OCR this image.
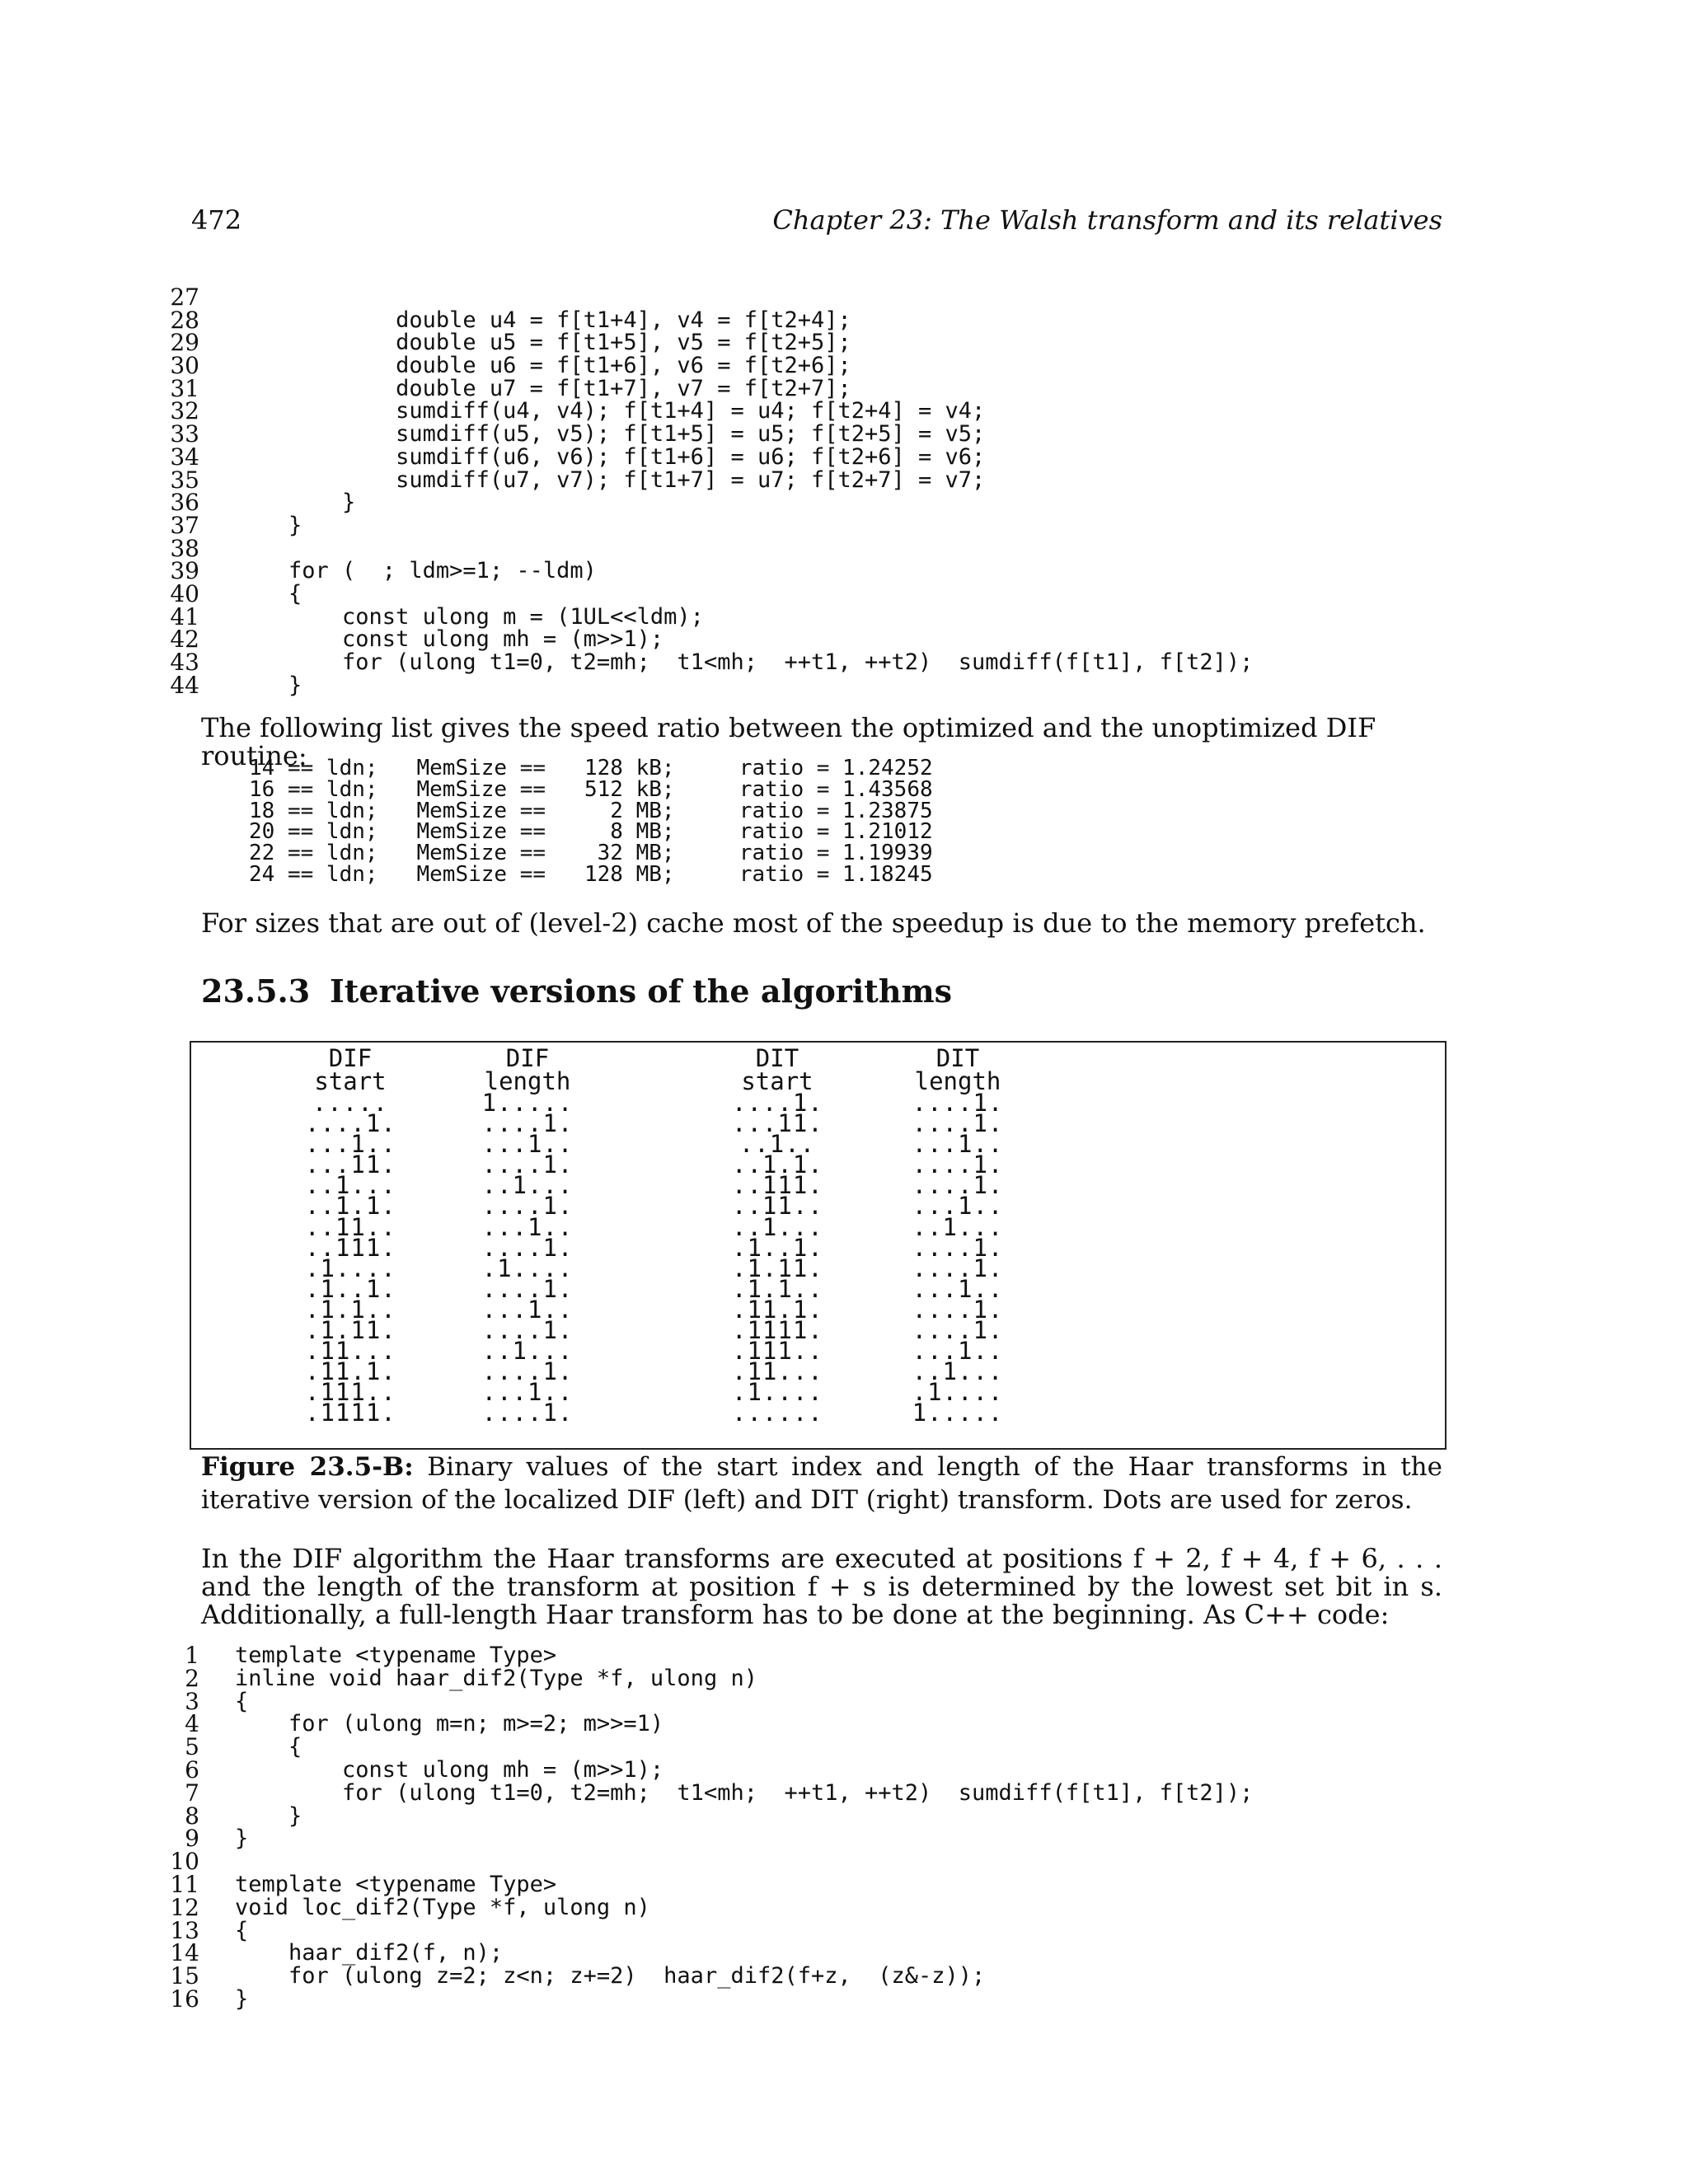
472	Chapter 23: The Walsh transform and its relatives
27
28 double u4 = f[t1+4], v4 = f[t2+4];
29 double u5 = f[t1+5], v5 = f[t2+5];
30 double u6 = f[t1+6], v6 = f[t2+6];
31 double u7 = f[t1+7], v7 = f[t2+7];
32 sumdiff(u4, v4); f[t1+4] = u4; f[t2+4] = v4;
33 sumdiff(u5, v5); f[t1+5] = u5; f[t2+5] = v5;
34 sumdiff(u6, v6); f[t1+6] = u6; f[t2+6] = v6;
35 sumdiff(u7, v7); f[t1+7] = u7; f[t2+7] = v7;
36 }
37 }
38
39 for (  ; ldm>=1; --ldm)
40 {
41 const ulong m = (1UL<<ldm);
42 const ulong mh = (m>>1);
43 for (ulong t1=0, t2=mh;  t1<mh;  ++t1, ++t2)  sumdiff(f[t1], f[t2]);
44 }
The following list gives the speed ratio between the optimized and the unoptimized DIF routine:
14 == ldn;   MemSize ==   128 kB;     ratio = 1.24252
16 == ldn;   MemSize ==   512 kB;     ratio = 1.43568
18 == ldn;   MemSize ==     2 MB;     ratio = 1.23875
20 == ldn;   MemSize ==     8 MB;     ratio = 1.21012
22 == ldn;   MemSize ==    32 MB;     ratio = 1.19939
24 == ldn;   MemSize ==   128 MB;     ratio = 1.18245
For sizes that are out of (level-2) cache most of the speedup is due to the memory prefetch.
23.5.3 Iterative versions of the algorithms
DIF
start
.....
....1.
...1..
...11.
..1...
..1.1.
..11..
..111.
.1....
.1..1.
.1.1..
.1.11.
.11...
.11.1.
.111..
.1111.
DIF
length
1.....
....1.
...1..
....1.
..1...
....1.
...1..
....1.
.1....
....1.
...1..
....1.
..1...
....1.
...1..
....1.
DIT
start
....1.
...11.
..1..
..1.1.
..111.
..11..
..1...
.1..1.
.1.11.
.1.1..
.11.1.
.1111.
.111..
.11...
.1....
......
DIT
length
....1.
....1.
...1..
....1.
....1.
...1..
..1...
....1.
....1.
...1..
....1.
....1.
...1..
..1...
.1....
1.....
Figure 23.5-B: Binary values of the start index and length of the Haar transforms in the iterative version of the localized DIF (left) and DIT (right) transform. Dots are used for zeros.
In the DIF algorithm the Haar transforms are executed at positions f + 2, f + 4, f + 6, . . . and the length of the transform at position f + s is determined by the lowest set bit in s. Additionally, a full-length Haar transform has to be done at the beginning. As C++ code:
1 template <typename Type>
2 inline void haar_dif2(Type *f, ulong n)
3 {
4 for (ulong m=n; m>=2; m>>=1)
5 {
6 const ulong mh = (m>>1);
7 for (ulong t1=0, t2=mh;  t1<mh;  ++t1, ++t2)  sumdiff(f[t1], f[t2]);
8 }
9 }
10
11 template <typename Type>
12 void loc_dif2(Type *f, ulong n)
13 {
14 haar_dif2(f, n);
15 for (ulong z=2; z<n; z+=2)  haar_dif2(f+z,  (z&-z));
16 }
